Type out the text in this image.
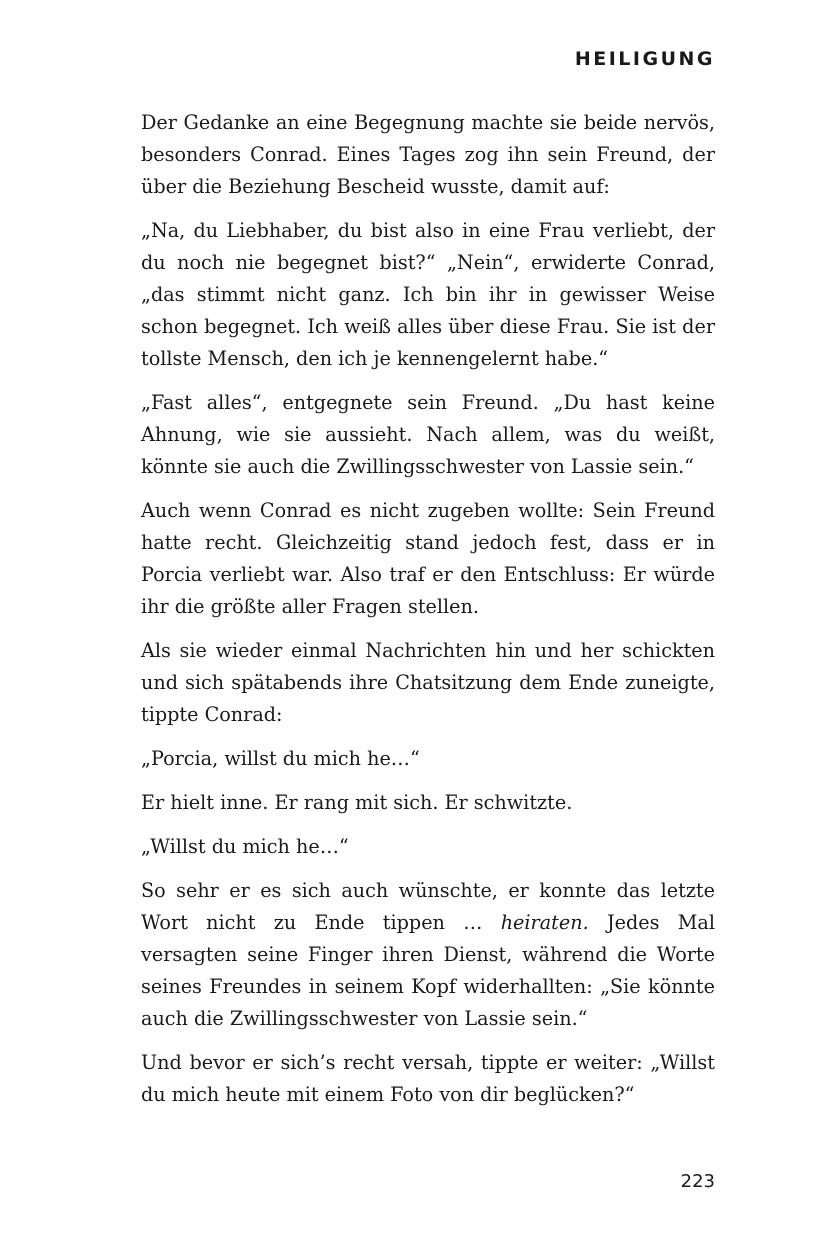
HEILIGUNG

Der Gedanke an eine Begegnung machte sie beide nervös, besonders Conrad. Eines Tages zog ihn sein Freund, der über die Beziehung Bescheid wusste, damit auf:

„Na, du Liebhaber, du bist also in eine Frau verliebt, der du noch nie begegnet bist?“ „Nein“, erwiderte Conrad, „das stimmt nicht ganz. Ich bin ihr in gewisser Weise schon begegnet. Ich weiß alles über diese Frau. Sie ist der tollste Mensch, den ich je kennengelernt habe.“

„Fast alles“, entgegnete sein Freund. „Du hast keine Ahnung, wie sie aussieht. Nach allem, was du weißt, könnte sie auch die Zwillingsschwester von Lassie sein.“

Auch wenn Conrad es nicht zugeben wollte: Sein Freund hatte recht. Gleichzeitig stand jedoch fest, dass er in Porcia verliebt war. Also traf er den Entschluss: Er würde ihr die größte aller Fragen stellen.

Als sie wieder einmal Nachrichten hin und her schickten und sich spätabends ihre Chatsitzung dem Ende zuneigte, tippte Conrad:

„Porcia, willst du mich he…“

Er hielt inne. Er rang mit sich. Er schwitzte.

„Willst du mich he…“

So sehr er es sich auch wünschte, er konnte das letzte Wort nicht zu Ende tippen … heiraten. Jedes Mal versagten seine Finger ihren Dienst, während die Worte seines Freundes in seinem Kopf widerhallten: „Sie könnte auch die Zwillingsschwester von Lassie sein.“

Und bevor er sich’s recht versah, tippte er weiter: „Willst du mich heute mit einem Foto von dir beglücken?“

223
